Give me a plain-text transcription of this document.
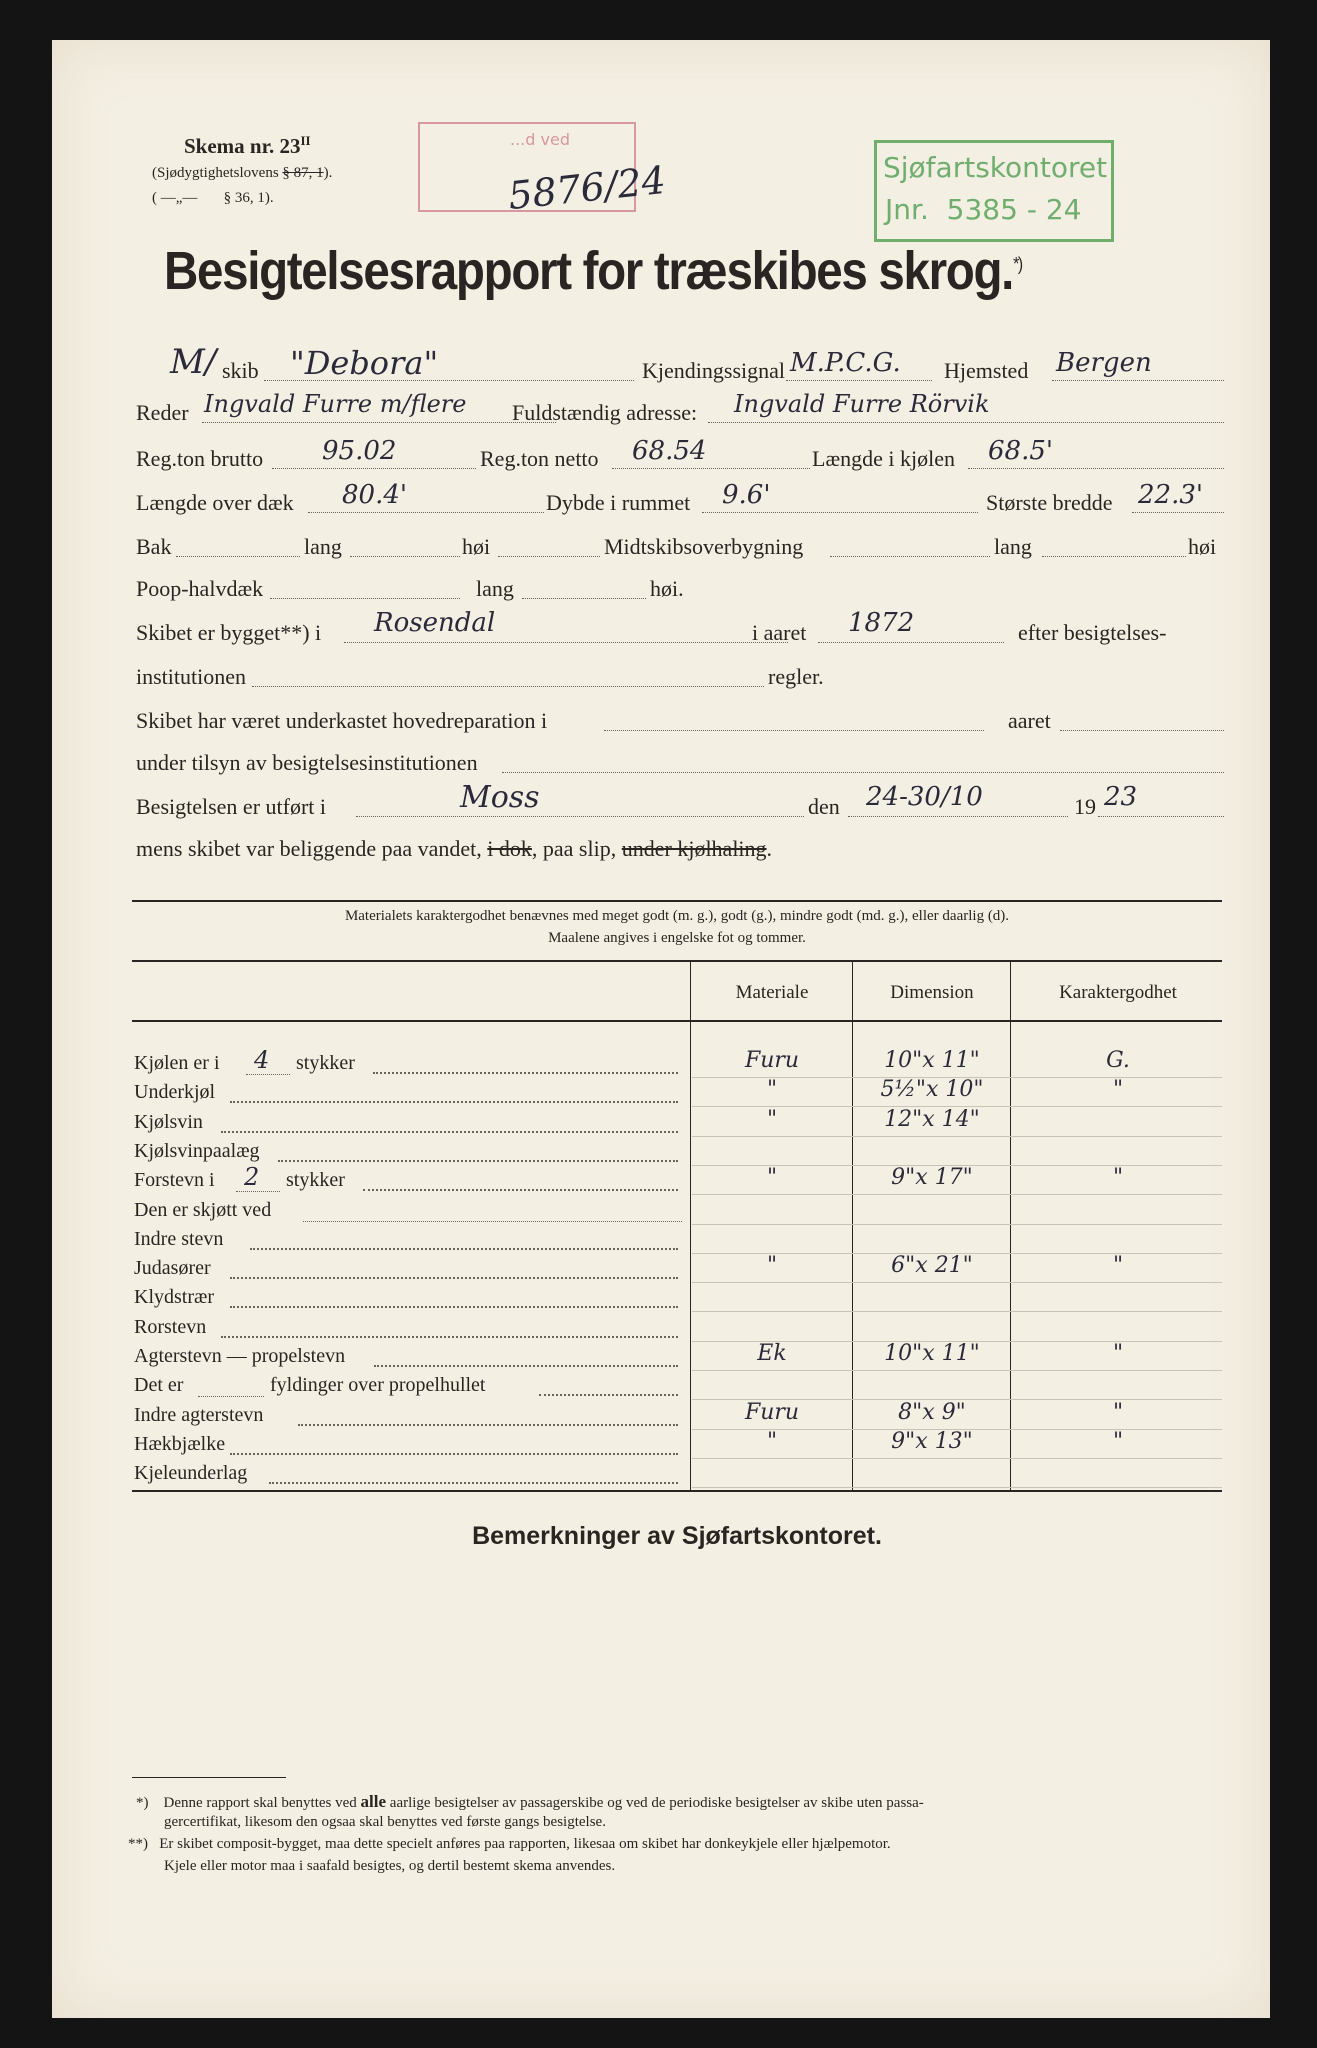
Skema nr. $23^{II}$
(Sjødygtighetslovens § 87, 1).
( —„— § 36, 1).
...d ved
5876/24	Sjøfartskontoret
Jnr. 5385 - 24
Besigtelsesrapport for træskibes skrog.*)
M/ skib "Debora"	Kjendingssignal M.P.C.G. Hjemsted Bergen
Reder Ingvald Furre m/flere Fuldstændig adresse: Ingvald Furre Rörvik
Reg.ton brutto 95.02	Reg.ton netto 68.54	Længde i kjølen 68.5'
Længde over dæk 80.4'	Dybde i rummet 9.6'	Største bredde 22.3'
Bak	lang	høi	Midtskibsoverbygning	lang	høi
Poop-halvdæk	lang	høi.
Skibet er bygget**) i Rosendal	i aaret 1872	efter besigtelses-
institutionen	regler.
Skibet har været underkastet hovedreparation i	aaret
under tilsyn av besigtelsesinstitutionen
Besigtelsen er utført i	Moss	den 24-30/10	19 23
mens skibet var beliggende paa vandet, i dok, paa slip, under kjølhaling.
Materialets karaktergodhet benævnes med meget godt (m. g.), godt (g.), mindre godt (md. g.), eller daarlig (d).
Maalene angives i engelske fot og tommer.
Materiale	Dimension	Karaktergodhet
Kjølen er i 4 stykker	Furu	10"x 11"	G.
Underkjøl	"	5½"x 10"	"
Kjølsvin	"	12"x 14"
Kjølsvinpaalæg
Forstevn i 2 stykker	"	9"x 17"	"
Den er skjøtt ved
Indre stevn
Judasører	"	6"x 21"	"
Klydstrær
Rorstevn
Agterstevn — propelstevn	Ek	10"x 11"	"
Det er	fyldinger over propelhullet
Indre agterstevn	Furu	8"x 9"	"
Hækbjælke	"	9"x 13"	"
Kjeleunderlag
Bemerkninger av Sjøfartskontoret.
*) Denne rapport skal benyttes ved alle aarlige besigtelser av passagerskibe og ved de periodiske besigtelser av skibe uten passa-
gercertifikat, likesom den ogsaa skal benyttes ved første gangs besigtelse.
**) Er skibet composit-bygget, maa dette specielt anføres paa rapporten, likesaa om skibet har donkeykjele eller hjælpemotor.
Kjele eller motor maa i saafald besigtes, og dertil bestemt skema anvendes.
